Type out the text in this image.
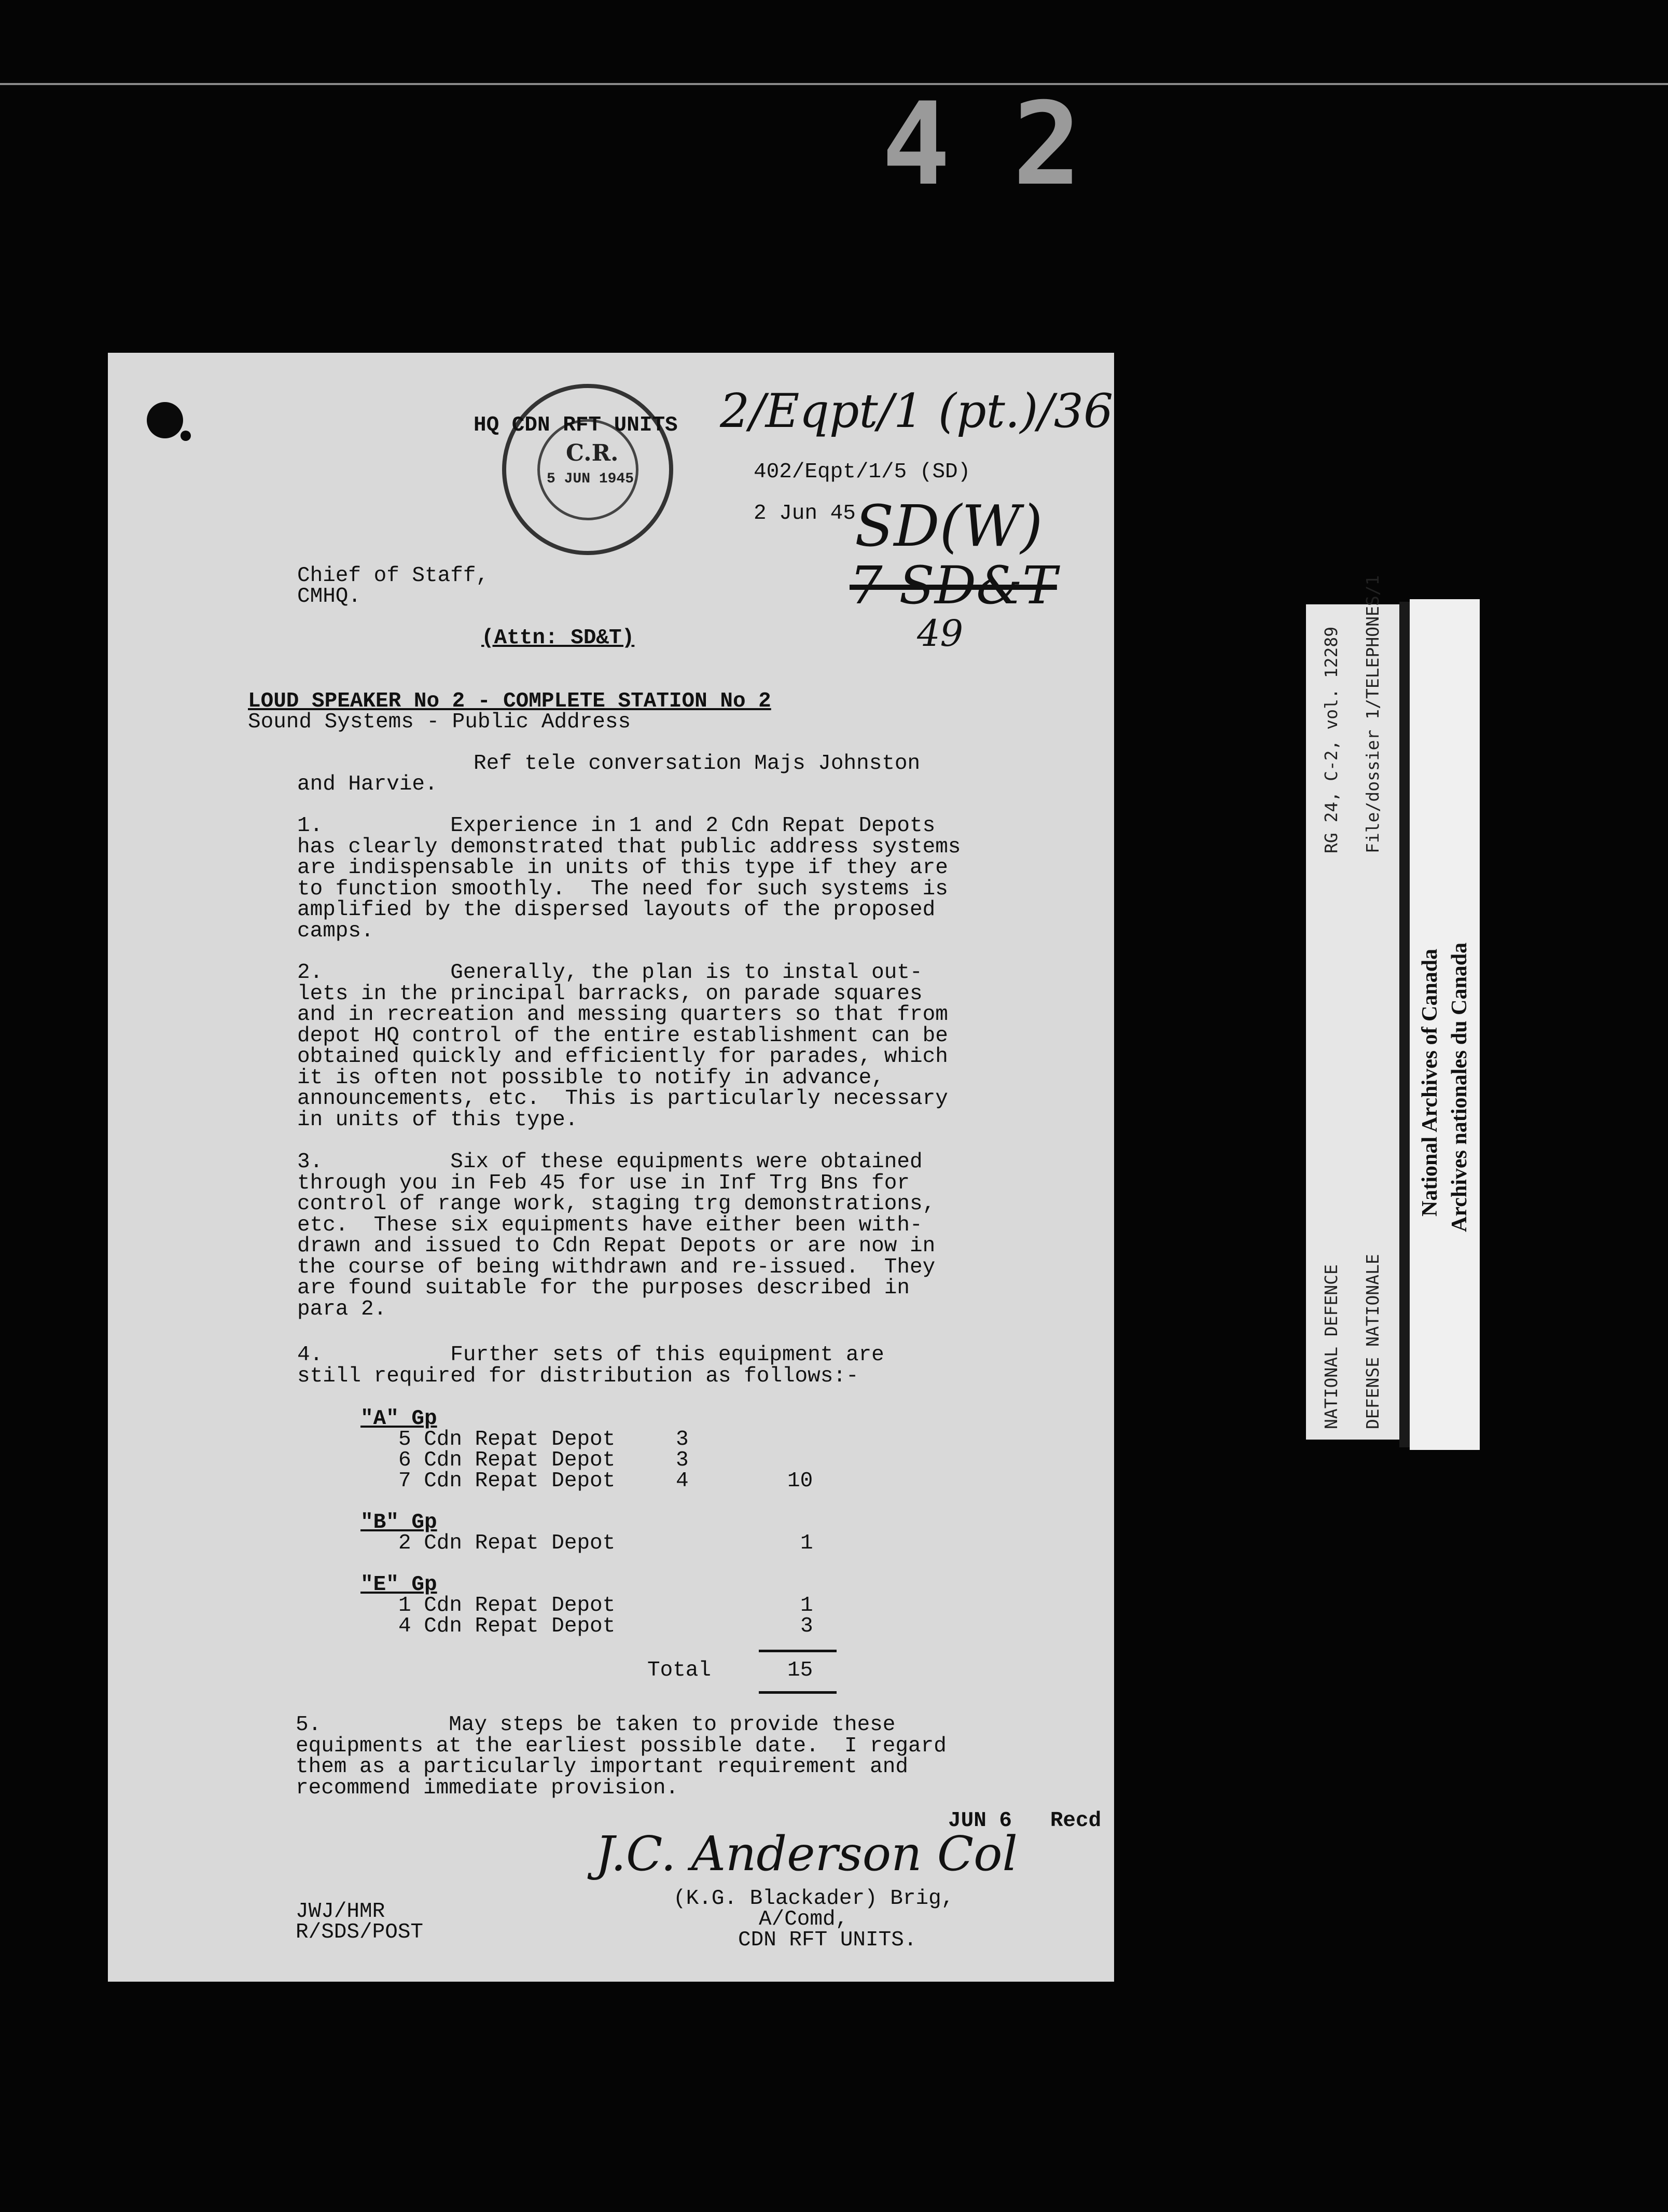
42
C.R.
5 JUN 1945
HQ CDN RFT UNITS 2/Eqpt/1 (pt.)/36
402/Eqpt/1/5 (SD)
2 Jun 45
SD(W)
7 SD&T
49
Chief of Staff,
CMHQ.
(Attn: SD&T)
LOUD SPEAKER No 2 - COMPLETE STATION No 2
Sound Systems - Public Address
Ref tele conversation Majs Johnston
and Harvie.
1.          Experience in 1 and 2 Cdn Repat Depots
has clearly demonstrated that public address systems
are indispensable in units of this type if they are
to function smoothly.  The need for such systems is
amplified by the dispersed layouts of the proposed
camps.
2.          Generally, the plan is to instal out-
lets in the principal barracks, on parade squares
and in recreation and messing quarters so that from
depot HQ control of the entire establishment can be
obtained quickly and efficiently for parades, which
it is often not possible to notify in advance,
announcements, etc.  This is particularly necessary
in units of this type.
3.          Six of these equipments were obtained
through you in Feb 45 for use in Inf Trg Bns for
control of range work, staging trg demonstrations,
etc.  These six equipments have either been with-
drawn and issued to Cdn Repat Depots or are now in
the course of being withdrawn and re-issued.  They
are found suitable for the purposes described in
para 2.
4.          Further sets of this equipment are
still required for distribution as follows:-
"A" Gp
5 Cdn Repat Depot	3
6 Cdn Repat Depot	3
7 Cdn Repat Depot	4	10
"B" Gp
2 Cdn Repat Depot	1
"E" Gp
1 Cdn Repat Depot	1
4 Cdn Repat Depot	3
Total	15
5.          May steps be taken to provide these
equipments at the earliest possible date.  I regard
them as a particularly important requirement and
recommend immediate provision.
JUN 6   Recd
J.C. Anderson Col
(K.G. Blackader) Brig,
A/Comd,
CDN RFT UNITS.
JWJ/HMR
R/SDS/POST
NATIONAL DEFENCE DEFENSE NATIONALE
RG 24, C-2, vol. 12289 File/dossier 1/TELEPHONES/1
National Archives of Canada Archives nationales du Canada
